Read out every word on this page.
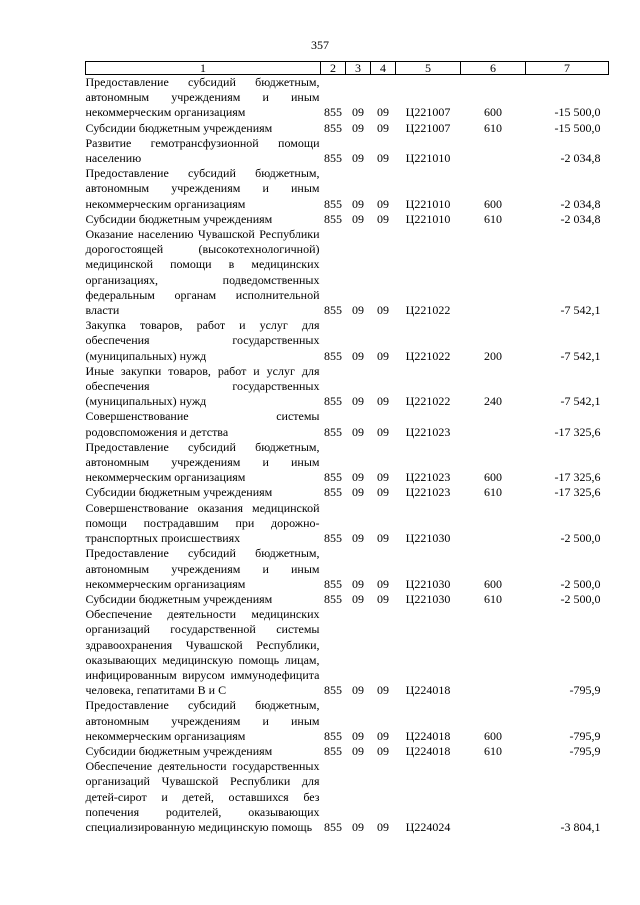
357
1	2	3	4	5	6	7
Предоставление субсидий бюджетным, автономным учреждениям и иным некоммерческим организациям	855	09	09	Ц221007	600	-15 500,0
Субсидии бюджетным учреждениям	855	09	09	Ц221007	610	-15 500,0
Развитие гемотрансфузионной помощи населению	855	09	09	Ц221010		-2 034,8
Предоставление субсидий бюджетным, автономным учреждениям и иным некоммерческим организациям	855	09	09	Ц221010	600	-2 034,8
Субсидии бюджетным учреждениям	855	09	09	Ц221010	610	-2 034,8
Оказание населению Чувашской Республики дорогостоящей (высокотехнологичной) медицинской помощи в медицинских организациях, подведомственных федеральным органам исполнительной власти	855	09	09	Ц221022		-7 542,1
Закупка товаров, работ и услуг для обеспечения государственных (муниципальных) нужд	855	09	09	Ц221022	200	-7 542,1
Иные закупки товаров, работ и услуг для обеспечения государственных (муниципальных) нужд	855	09	09	Ц221022	240	-7 542,1
Совершенствование системы родовспоможения и детства	855	09	09	Ц221023		-17 325,6
Предоставление субсидий бюджетным, автономным учреждениям и иным некоммерческим организациям	855	09	09	Ц221023	600	-17 325,6
Субсидии бюджетным учреждениям	855	09	09	Ц221023	610	-17 325,6
Совершенствование оказания медицинской помощи пострадавшим при дорожно-транспортных происшествиях	855	09	09	Ц221030		-2 500,0
Предоставление субсидий бюджетным, автономным учреждениям и иным некоммерческим организациям	855	09	09	Ц221030	600	-2 500,0
Субсидии бюджетным учреждениям	855	09	09	Ц221030	610	-2 500,0
Обеспечение деятельности медицинских организаций государственной системы здравоохранения Чувашской Республики, оказывающих медицинскую помощь лицам, инфицированным вирусом иммунодефицита человека, гепатитами B и C	855	09	09	Ц224018		-795,9
Предоставление субсидий бюджетным, автономным учреждениям и иным некоммерческим организациям	855	09	09	Ц224018	600	-795,9
Субсидии бюджетным учреждениям	855	09	09	Ц224018	610	-795,9
Обеспечение деятельности государственных организаций Чувашской Республики для детей-сирот и детей, оставшихся без попечения родителей, оказывающих специализированную медицинскую помощь	855	09	09	Ц224024		-3 804,1
